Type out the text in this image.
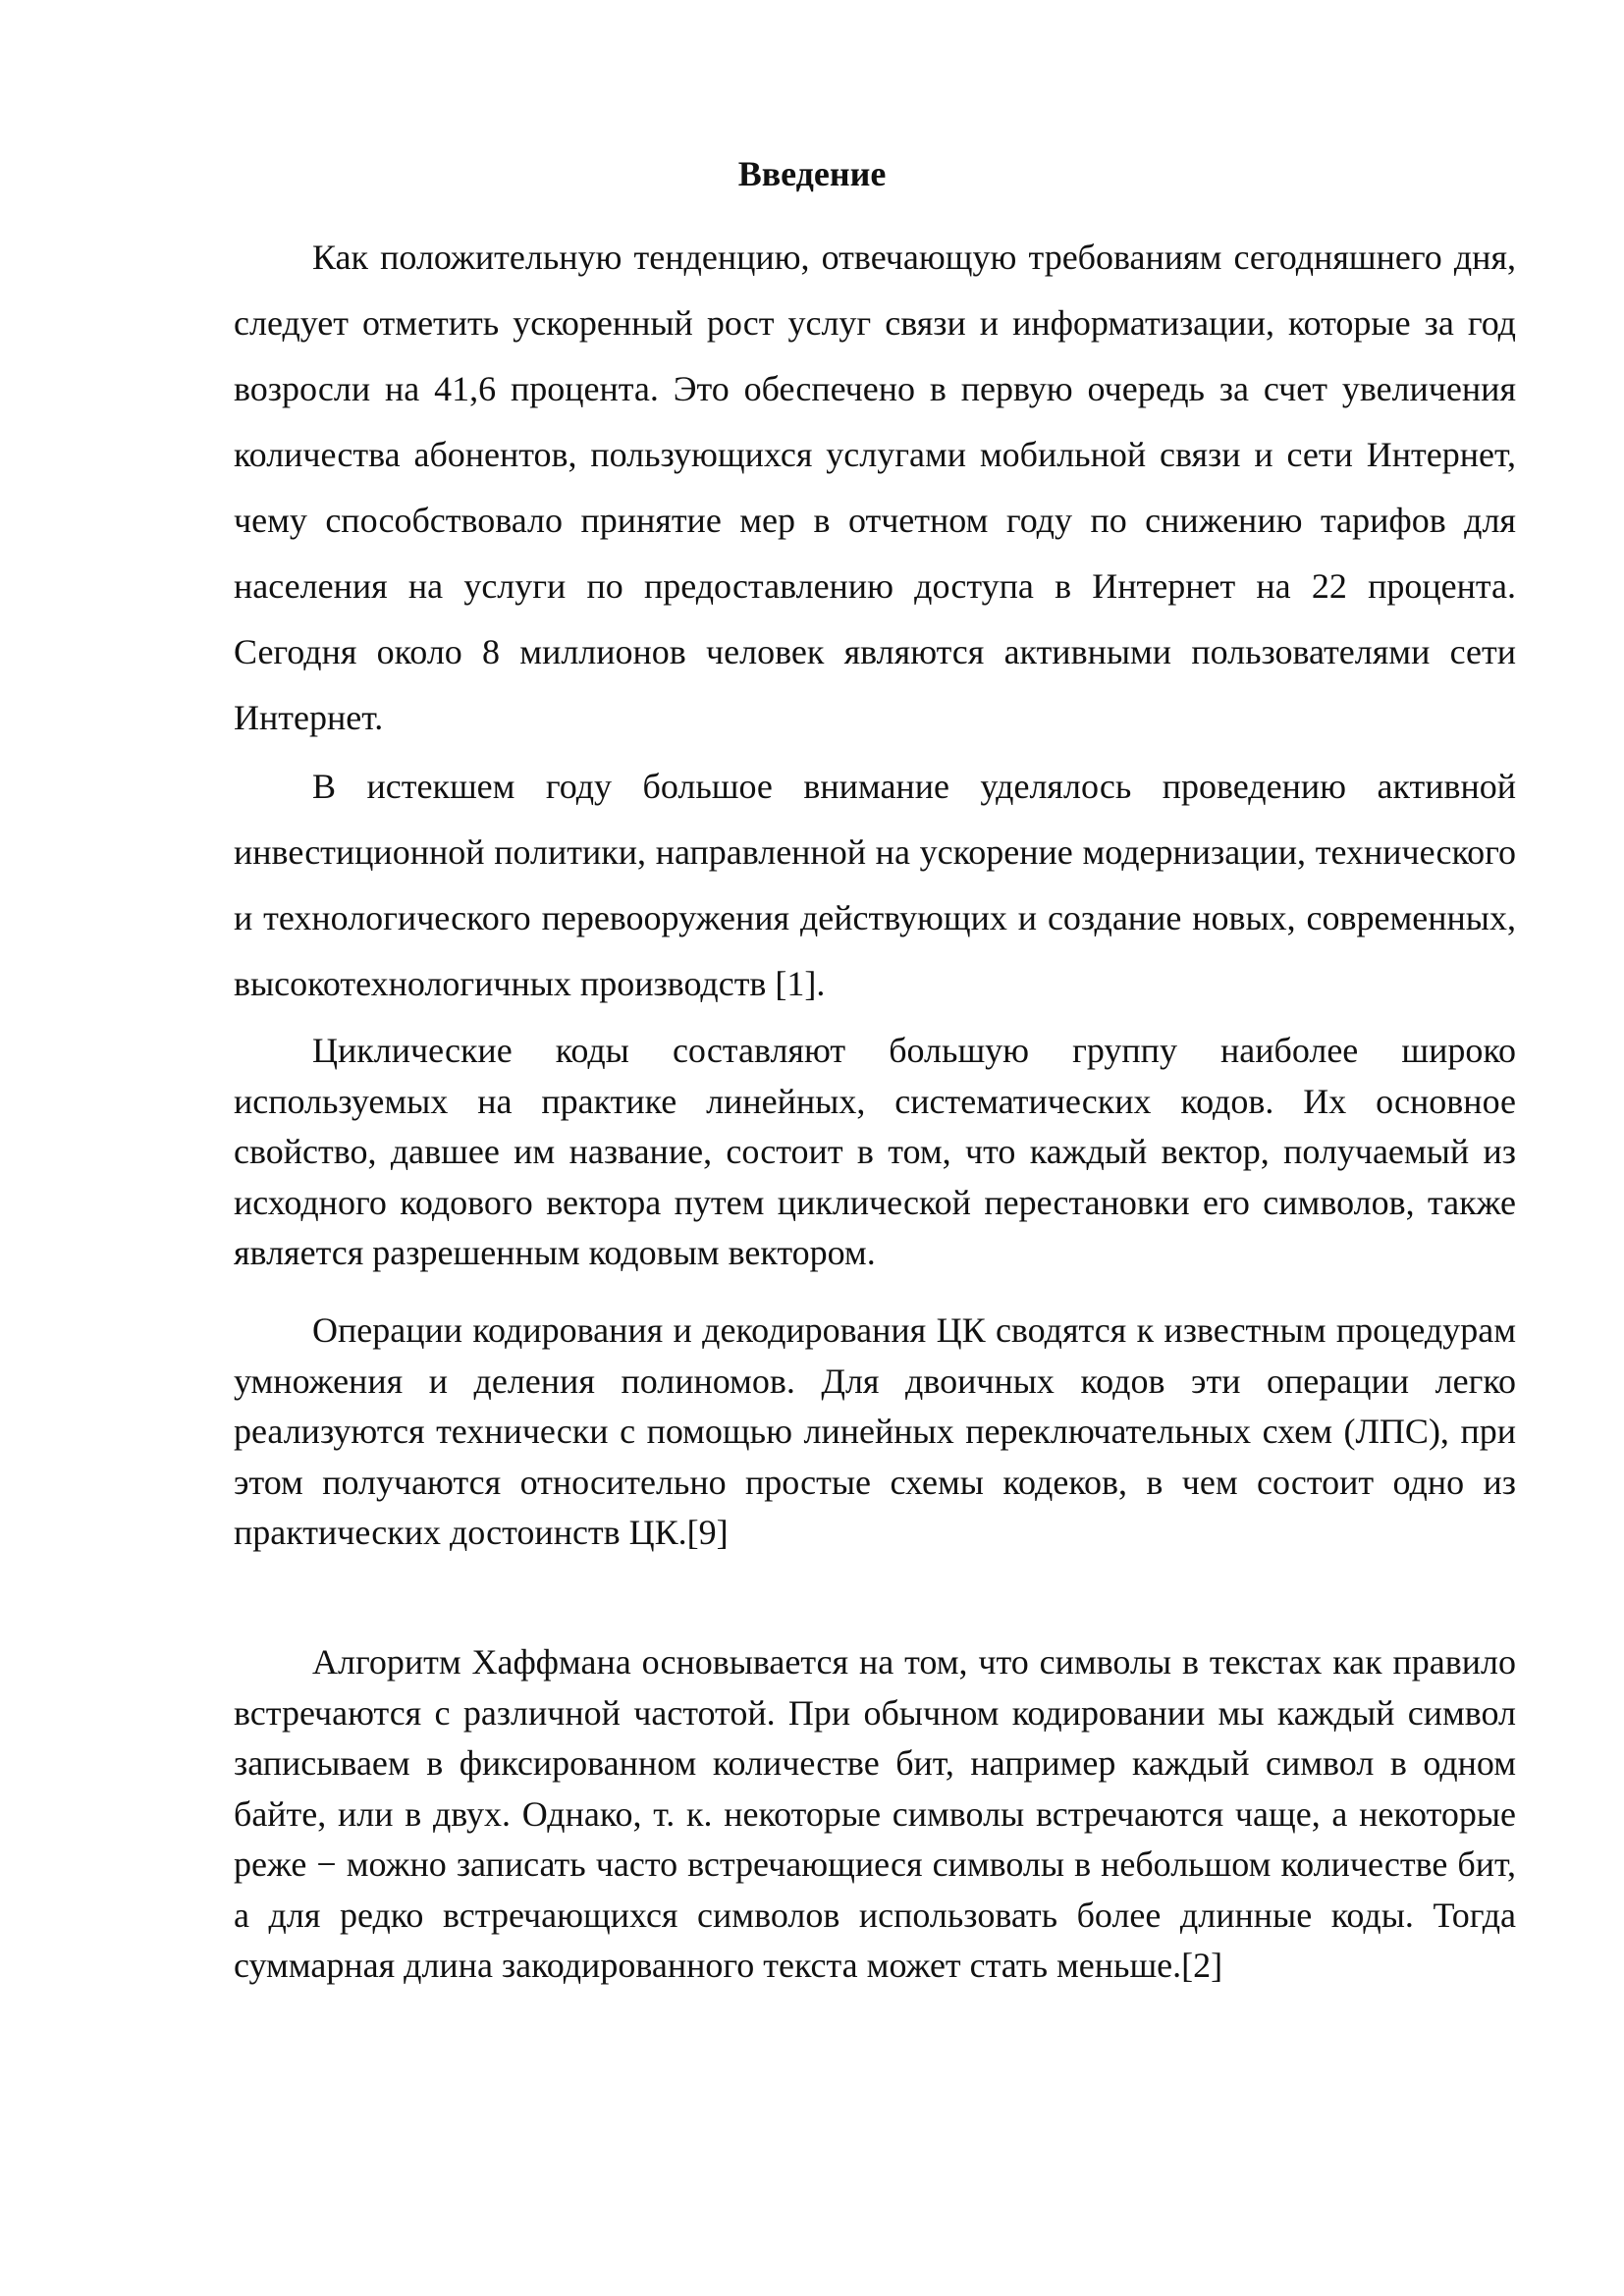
Введение

Как положительную тенденцию, отвечающую требованиям сегодняшнего дня, следует отметить ускоренный рост услуг связи и информатизации, которые за год возросли на 41,6 процента. Это обеспечено в первую очередь за счет увеличения количества абонентов, пользующихся услугами мобильной связи и сети Интернет, чему способствовало принятие мер в отчетном году по снижению тарифов для населения на услуги по предоставлению доступа в Интернет на 22 процента. Сегодня около 8 миллионов человек являются активными пользователями сети Интернет.

В истекшем году большое внимание уделялось проведению активной инвестиционной политики, направленной на ускорение модернизации, технического и технологического перевооружения действующих и создание новых, современных, высокотехнологичных производств [1].

Циклические коды составляют большую группу наиболее широко используемых на практике линейных, систематических кодов. Их основное свойство, давшее им название, состоит в том, что каждый вектор, получаемый из исходного кодового вектора путем циклической перестановки его символов, также является разрешенным кодовым вектором.

Операции кодирования и декодирования ЦК сводятся к известным процедурам умножения и деления полиномов. Для двоичных кодов эти операции легко реализуются технически с помощью линейных переключательных схем (ЛПС), при этом получаются относительно простые схемы кодеков, в чем состоит одно из практических достоинств ЦК.[9]

Алгоритм Хаффмана основывается на том, что символы в текстах как правило встречаются с различной частотой. При обычном кодировании мы каждый символ записываем в фиксированном количестве бит, например каждый символ в одном байте, или в двух. Однако, т. к. некоторые символы встречаются чаще, а некоторые реже − можно записать часто встречающиеся символы в небольшом количестве бит, а для редко встречающихся символов использовать более длинные коды. Тогда суммарная длина закодированного текста может стать меньше.[2]
